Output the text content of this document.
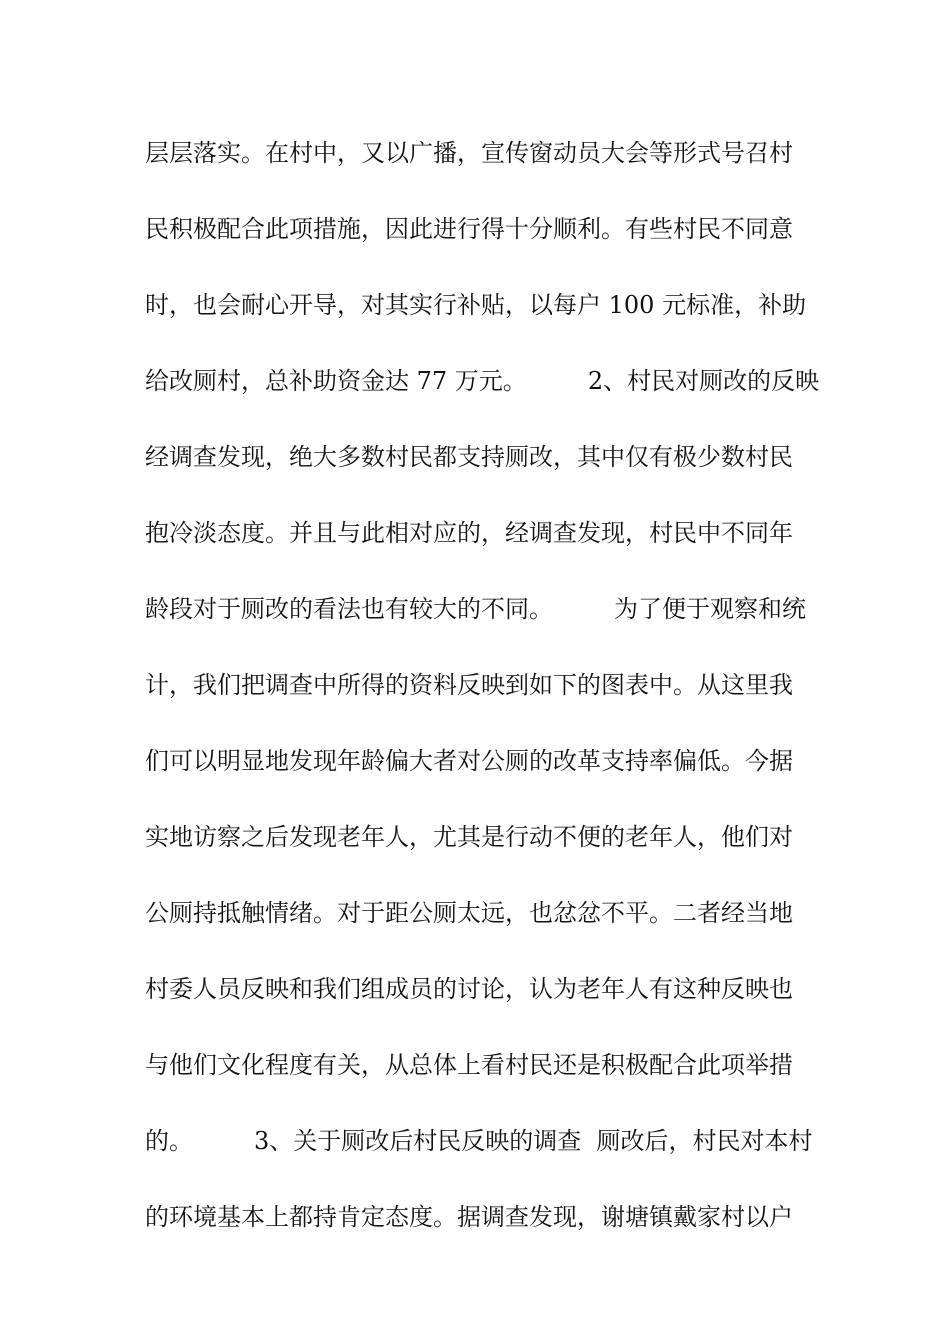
层层落实。在村中，又以广播，宣传窗动员大会等形式号召村
民积极配合此项措施，因此进行得十分顺利。有些村民不同意
时，也会耐心开导，对其实行补贴，以每户 100 元标准，补助
给改厕村，总补助资金达 77 万元。        2、村民对厕改的反映
经调查发现，绝大多数村民都支持厕改，其中仅有极少数村民
抱冷淡态度。并且与此相对应的，经调查发现，村民中不同年
龄段对于厕改的看法也有较大的不同。        为了便于观察和统
计，我们把调查中所得的资料反映到如下的图表中。从这里我
们可以明显地发现年龄偏大者对公厕的改革支持率偏低。今据
实地访察之后发现老年人，尤其是行动不便的老年人，他们对
公厕持抵触情绪。对于距公厕太远，也忿忿不平。二者经当地
村委人员反映和我们组成员的讨论，认为老年人有这种反映也
与他们文化程度有关，从总体上看村民还是积极配合此项举措
的。        3、关于厕改后村民反映的调查  厕改后，村民对本村
的环境基本上都持肯定态度。据调查发现，谢塘镇戴家村以户
